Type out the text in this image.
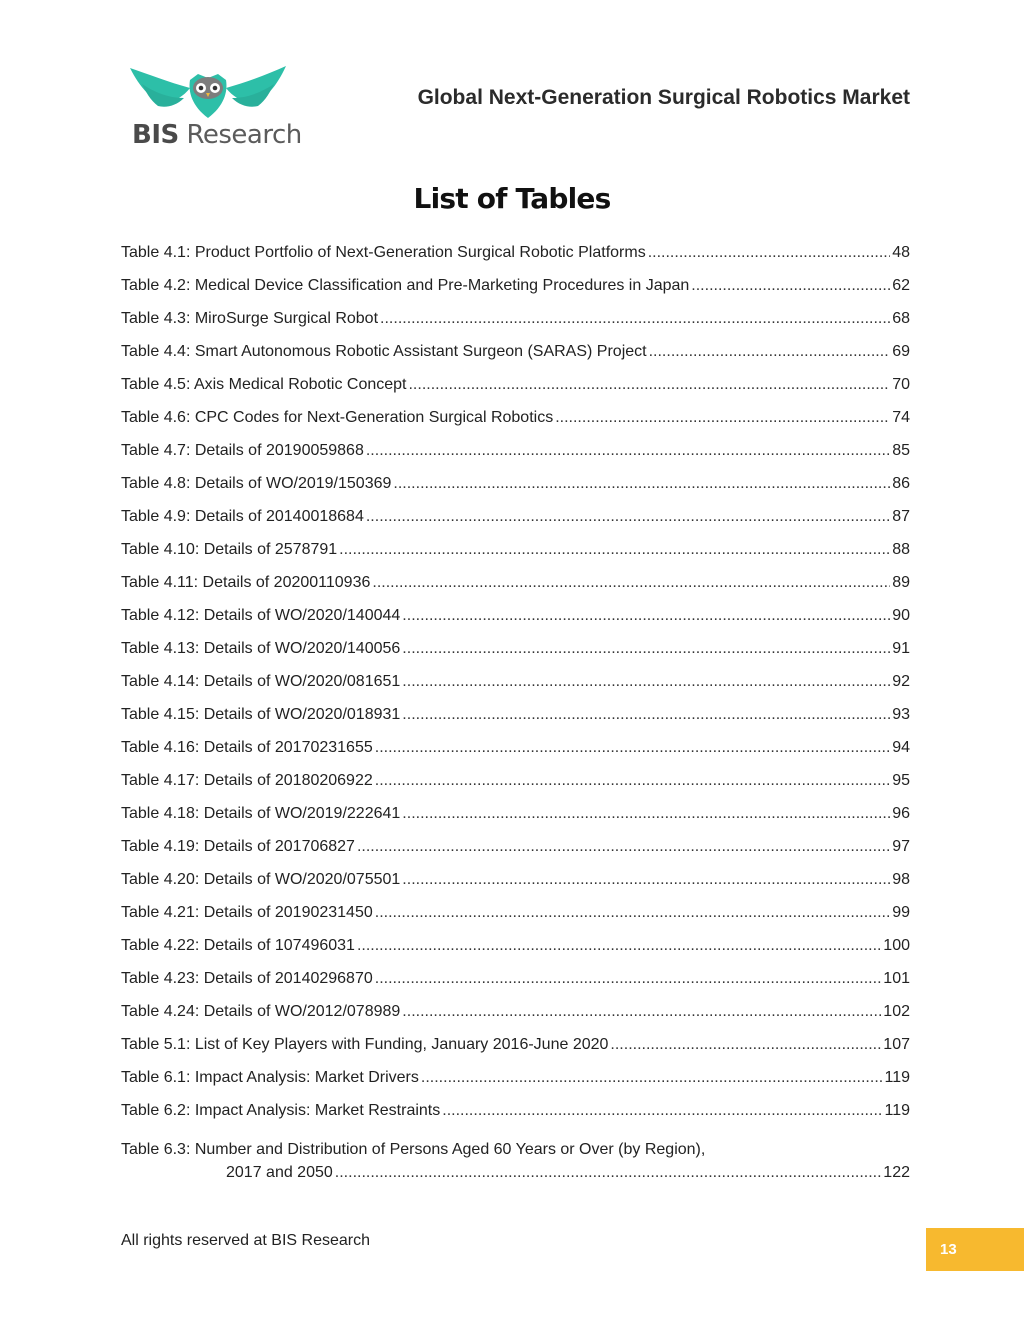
BIS Research
Global Next-Generation Surgical Robotics Market
List of Tables
Table 4.1: Product Portfolio of Next-Generation Surgical Robotic Platforms .....	48
Table 4.2: Medical Device Classification and Pre-Marketing Procedures in Japan .....	62
Table 4.3: MiroSurge Surgical Robot .....	68
Table 4.4: Smart Autonomous Robotic Assistant Surgeon (SARAS) Project .....	69
Table 4.5: Axis Medical Robotic Concept .....	70
Table 4.6: CPC Codes for Next-Generation Surgical Robotics .....	74
Table 4.7: Details of 20190059868 .....	85
Table 4.8: Details of WO/2019/150369 .....	86
Table 4.9: Details of 20140018684 .....	87
Table 4.10: Details of 2578791 .....	88
Table 4.11: Details of 20200110936 .....	89
Table 4.12: Details of WO/2020/140044 .....	90
Table 4.13: Details of WO/2020/140056 .....	91
Table 4.14: Details of WO/2020/081651 .....	92
Table 4.15: Details of WO/2020/018931 .....	93
Table 4.16: Details of 20170231655 .....	94
Table 4.17: Details of 20180206922 .....	95
Table 4.18: Details of WO/2019/222641 .....	96
Table 4.19: Details of 201706827 .....	97
Table 4.20: Details of WO/2020/075501 .....	98
Table 4.21: Details of 20190231450 .....	99
Table 4.22: Details of 107496031 .....	100
Table 4.23: Details of 20140296870 .....	101
Table 4.24: Details of WO/2012/078989 .....	102
Table 5.1: List of Key Players with Funding, January 2016-June 2020 .....	107
Table 6.1: Impact Analysis: Market Drivers .....	119
Table 6.2: Impact Analysis: Market Restraints .....	119
Table 6.3: Number and Distribution of Persons Aged 60 Years or Over (by Region),
2017 and 2050 .....	122
All rights reserved at BIS Research
13
